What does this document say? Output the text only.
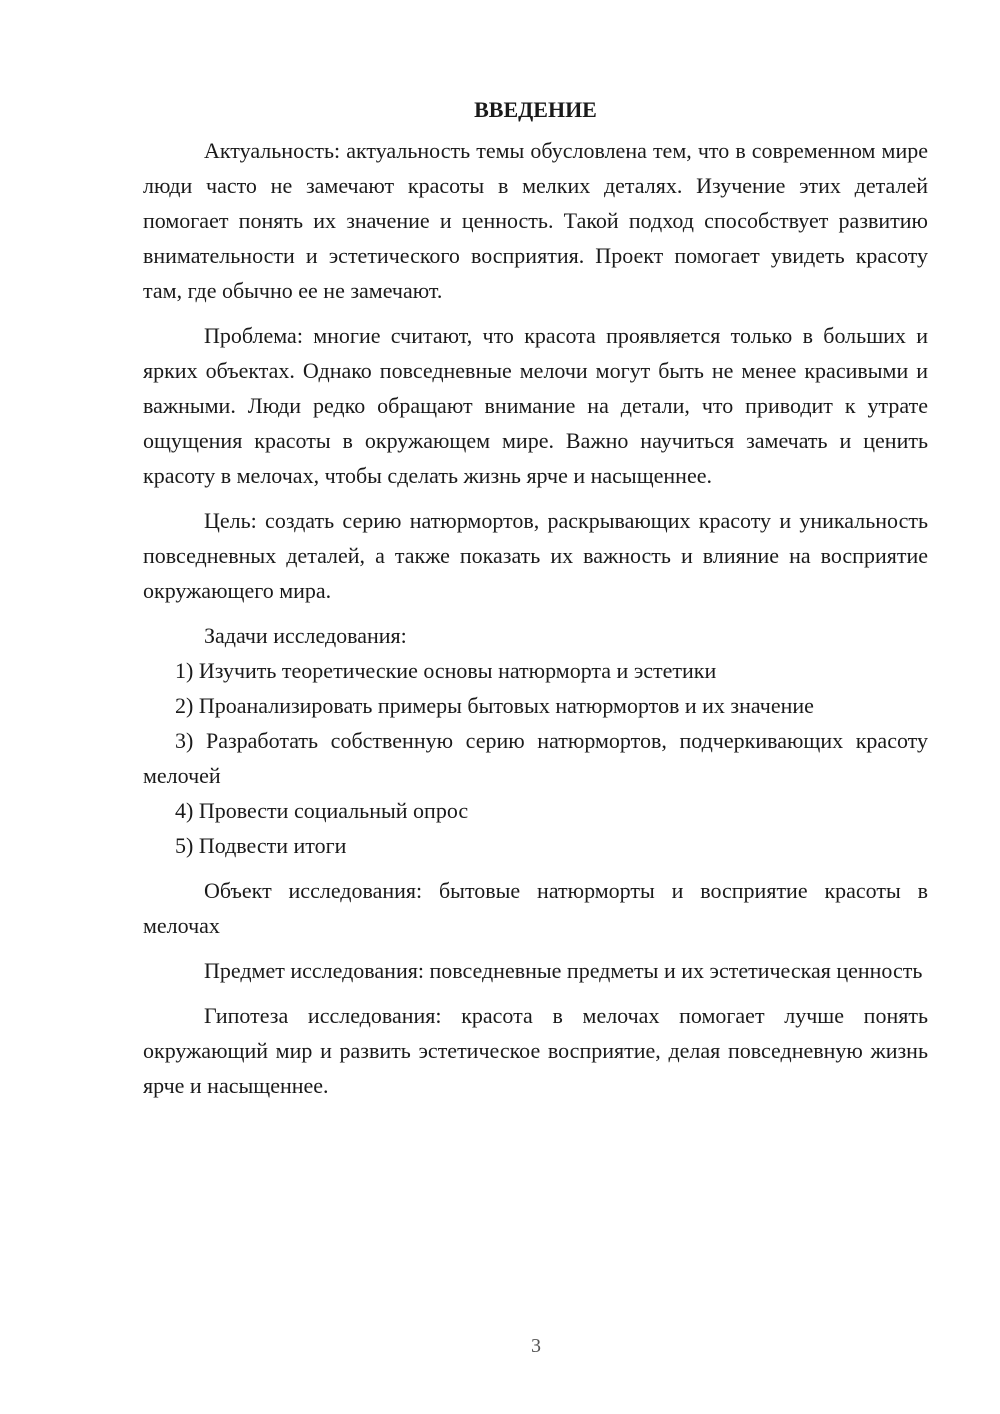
ВВЕДЕНИЕ

Актуальность: актуальность темы обусловлена тем, что в современном мире люди часто не замечают красоты в мелких деталях. Изучение этих деталей помогает понять их значение и ценность. Такой подход способствует развитию внимательности и эстетического восприятия. Проект помогает увидеть красоту там, где обычно ее не замечают.

Проблема: многие считают, что красота проявляется только в больших и ярких объектах. Однако повседневные мелочи могут быть не менее красивыми и важными. Люди редко обращают внимание на детали, что приводит к утрате ощущения красоты в окружающем мире. Важно научиться замечать и ценить красоту в мелочах, чтобы сделать жизнь ярче и насыщеннее.

Цель: создать серию натюрмортов, раскрывающих красоту и уникальность повседневных деталей, а также показать их важность и влияние на восприятие окружающего мира.

Задачи исследования:

1) Изучить теоретические основы натюрморта и эстетики

2) Проанализировать примеры бытовых натюрмортов и их значение

3) Разработать собственную серию натюрмортов, подчеркивающих красоту мелочей

4) Провести социальный опрос

5) Подвести итоги

Объект исследования: бытовые натюрморты и восприятие красоты в мелочах

Предмет исследования: повседневные предметы и их эстетическая ценность

Гипотеза исследования: красота в мелочах помогает лучше понять окружающий мир и развить эстетическое восприятие, делая повседневную жизнь ярче и насыщеннее.

3
